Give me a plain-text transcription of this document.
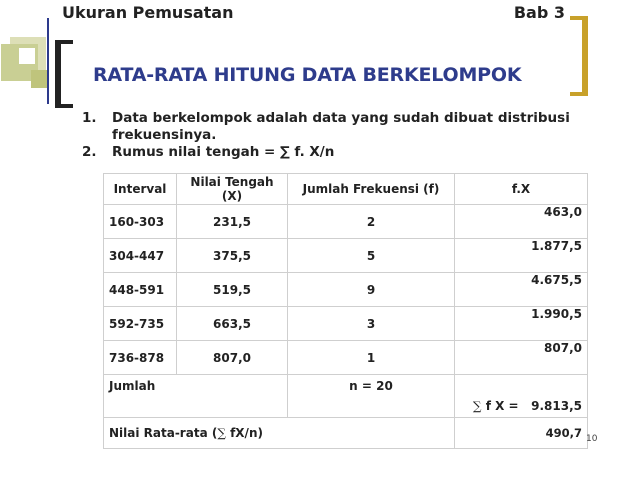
Ukuran Pemusatan	Bab 3
RATA-RATA HITUNG DATA BERKELOMPOK
1.	Data berkelompok adalah data yang sudah dibuat distribusi frekuensinya.
2.	Rumus nilai tengah = ∑ f. X/n
Interval	Nilai Tengah (X)	Jumlah Frekuensi (f)	f.X
160-303	231,5	2	463,0
304-447	375,5	5	1.877,5
448-591	519,5	9	4.675,5
592-735	663,5	3	1.990,5
736-878	807,0	1	807,0
Jumlah		n = 20	∑ f X = 9.813,5
Nilai Rata-rata (∑ fX/n)			490,7 10
